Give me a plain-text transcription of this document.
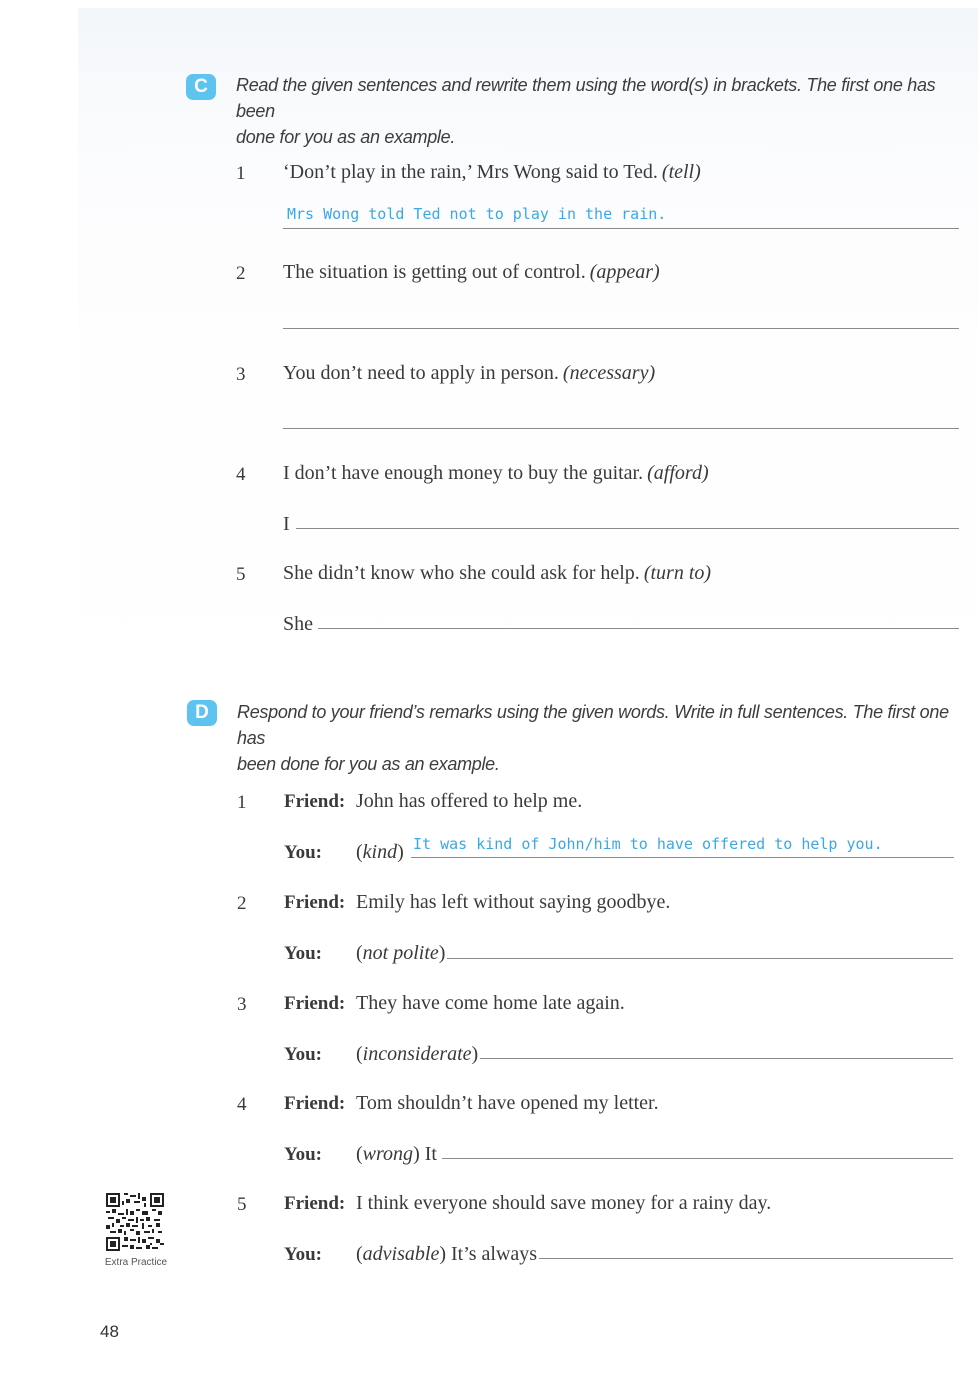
C	Read the given sentences and rewrite them using the word(s) in brackets. The first one has been
done for you as an example.
1 ‘Don’t play in the rain,’ Mrs Wong said to Ted. (tell)
Mrs Wong told Ted not to play in the rain.
2 The situation is getting out of control. (appear)
3 You don’t need to apply in person. (necessary)
4 I don’t have enough money to buy the guitar. (afford)
I
5 She didn’t know who she could ask for help. (turn to)
She
D	Respond to your friend’s remarks using the given words. Write in full sentences. The first one has
been done for you as an example.
1 Friend: John has offered to help me.
You: (kind) It was kind of John/him to have offered to help you.
2 Friend: Emily has left without saying goodbye.
You: (not polite)
3 Friend: They have come home late again.
You: (inconsiderate)
4 Friend: Tom shouldn’t have opened my letter.
You: (wrong) It
5 Friend: I think everyone should save money for a rainy day.
You: (advisable) It’s always
Extra Practice
48
